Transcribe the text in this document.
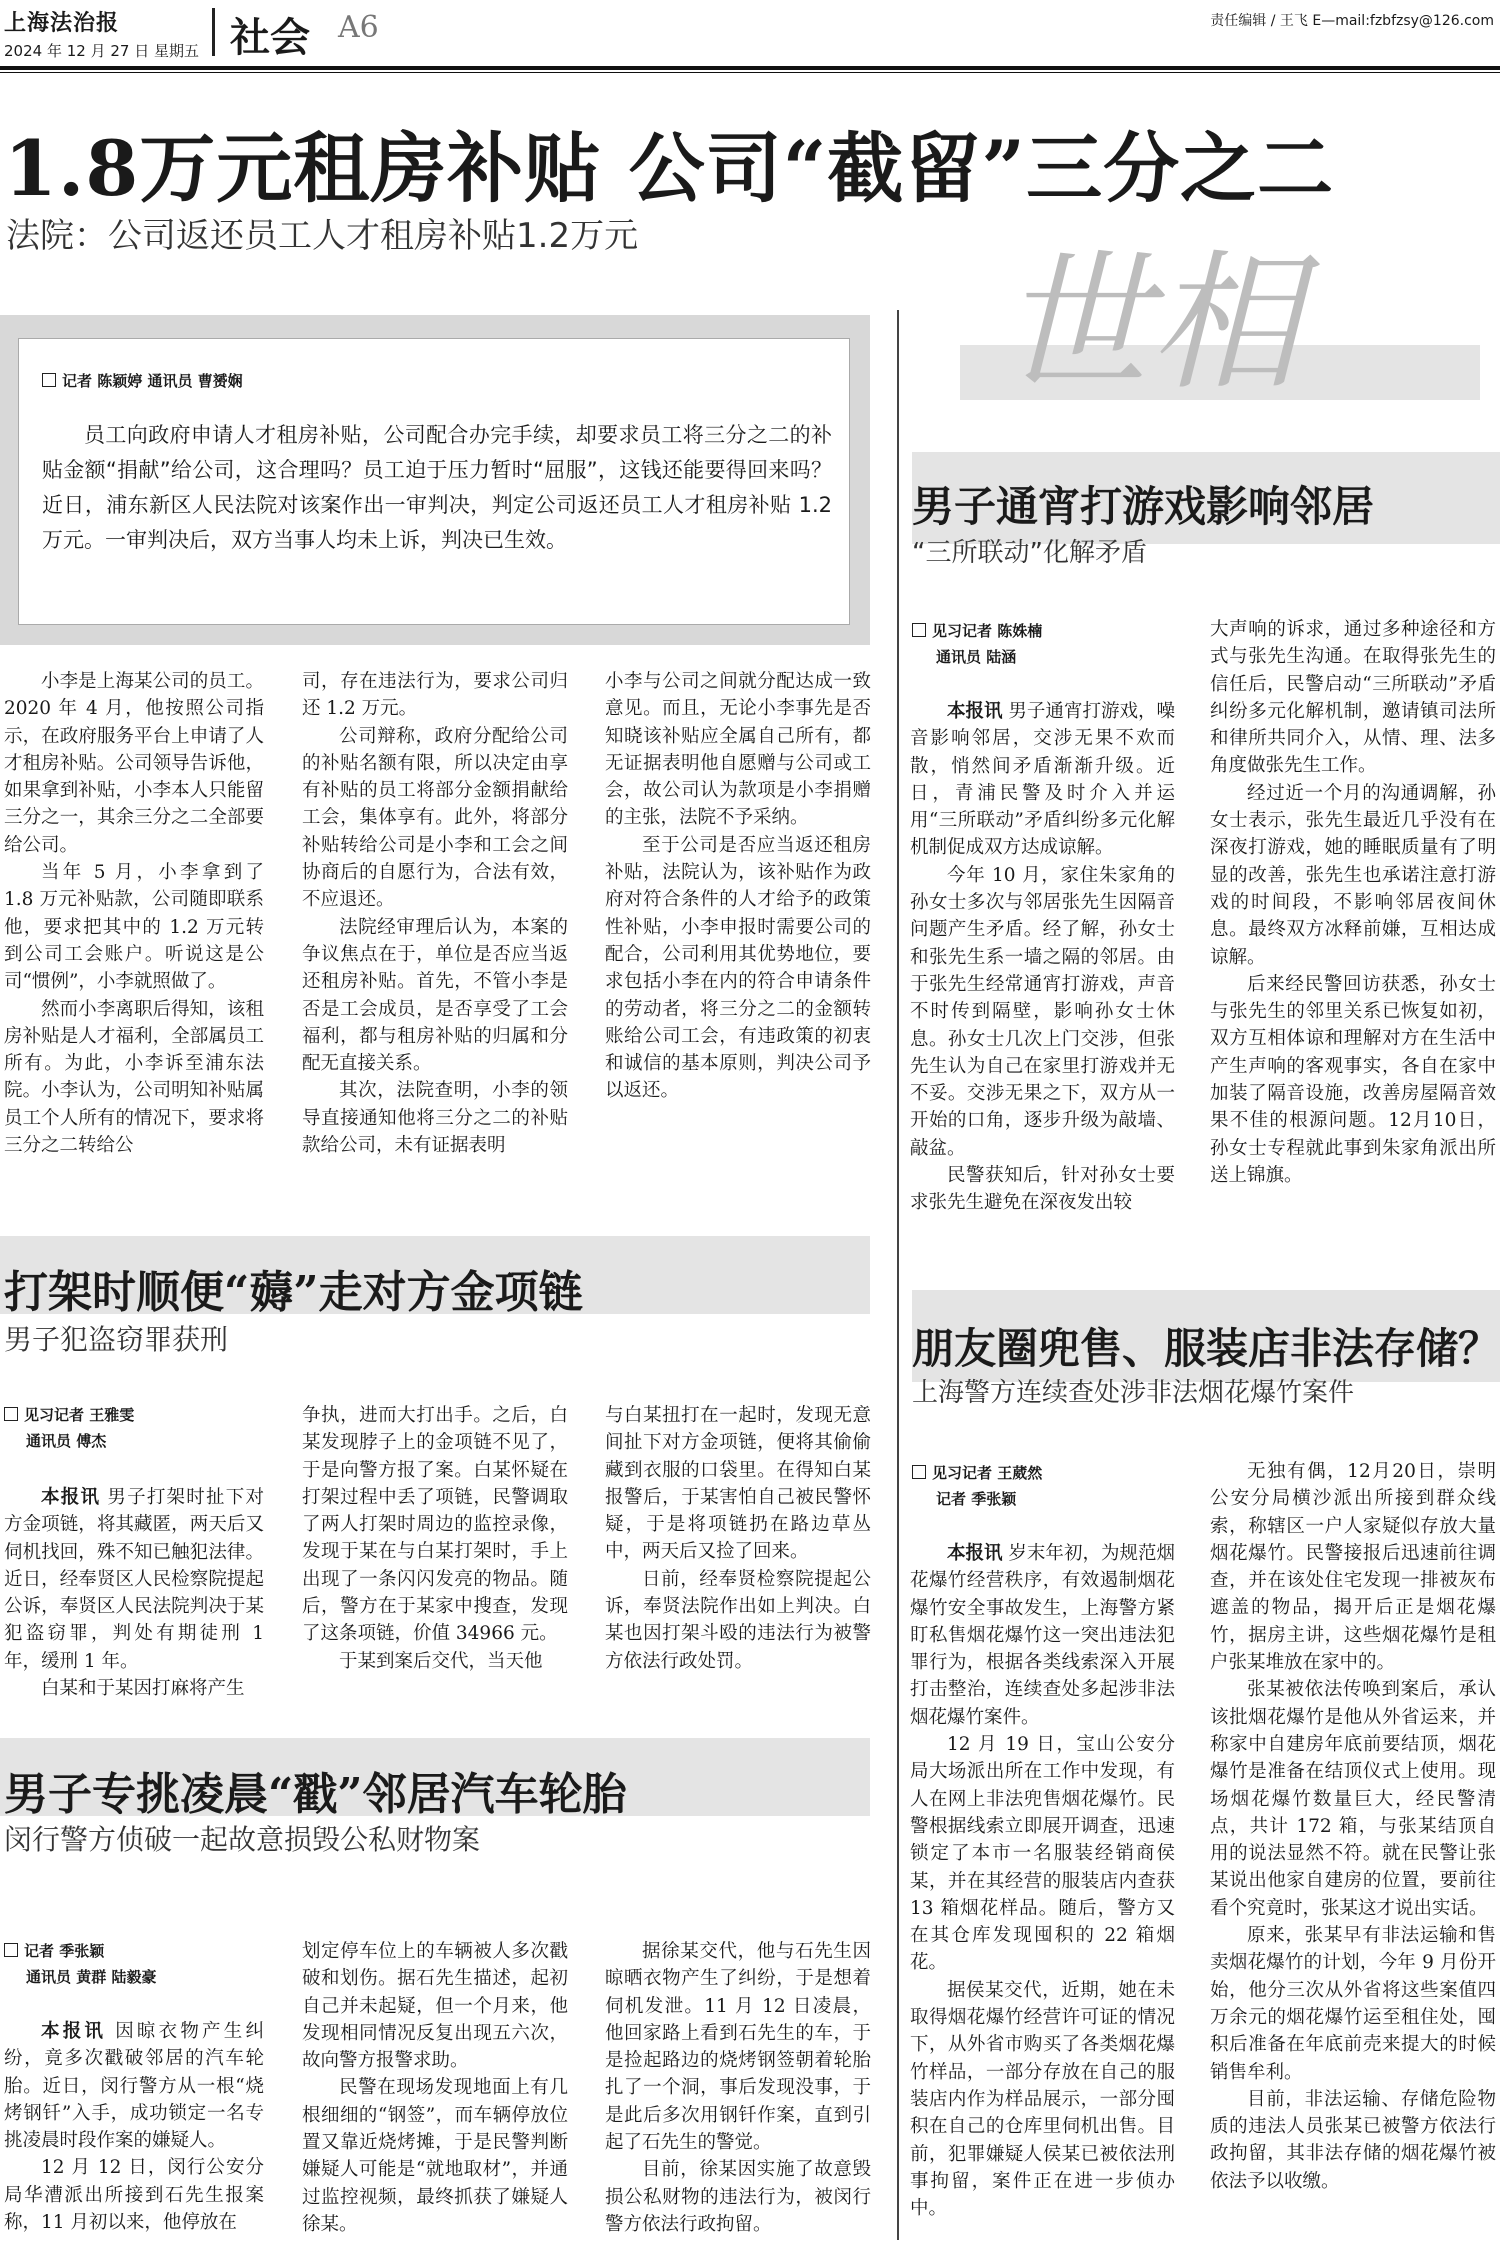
上海法治报
2024 年 12 月 27 日 星期五 社会 A6	责任编辑 / 王飞 E—mail:fzbfzsy@126.com
1.8万元租房补贴 公司“截留”三分之二
法院：公司返还员工人才租房补贴1.2万元
记者 陈颖婷 通讯员 曹赟娴
员工向政府申请人才租房补贴，公司配合办完手续，却要求员工将三分之二的补贴金额“捐献”给公司，这合理吗？员工迫于压力暂时“屈服”，这钱还能要得回来吗？近日，浦东新区人民法院对该案作出一审判决，判定公司返还员工人才租房补贴 1.2 万元。一审判决后，双方当事人均未上诉，判决已生效。

小李是上海某公司的员工。2020 年 4 月，他按照公司指示，在政府服务平台上申请了人才租房补贴。公司领导告诉他，如果拿到补贴，小李本人只能留三分之一，其余三分之二全部要给公司。

当年 5 月，小李拿到了 1.8 万元补贴款，公司随即联系他，要求把其中的 1.2 万元转到公司工会账户。听说这是公司“惯例”，小李就照做了。

然而小李离职后得知，该租房补贴是人才福利，全部属员工所有。为此，小李诉至浦东法院。小李认为，公司明知补贴属员工个人所有的情况下，要求将三分之二转给公

司，存在违法行为，要求公司归还 1.2 万元。

公司辩称，政府分配给公司的补贴名额有限，所以决定由享有补贴的员工将部分金额捐献给工会，集体享有。此外，将部分补贴转给公司是小李和工会之间协商后的自愿行为，合法有效，不应退还。

法院经审理后认为，本案的争议焦点在于，单位是否应当返还租房补贴。首先，不管小李是否是工会成员，是否享受了工会福利，都与租房补贴的归属和分配无直接关系。

其次，法院查明，小李的领导直接通知他将三分之二的补贴款给公司，未有证据表明

小李与公司之间就分配达成一致意见。而且，无论小李事先是否知晓该补贴应全属自己所有，都无证据表明他自愿赠与公司或工会，故公司认为款项是小李捐赠的主张，法院不予采纳。

至于公司是否应当返还租房补贴，法院认为，该补贴作为政府对符合条件的人才给予的政策性补贴，小李申报时需要公司的配合，公司利用其优势地位，要求包括小李在内的符合申请条件的劳动者，将三分之二的金额转账给公司工会，有违政策的初衷和诚信的基本原则，判决公司予以返还。

打架时顺便“薅”走对方金项链
男子犯盗窃罪获刑
见习记者 王雅雯
通讯员 傅杰

本报讯 男子打架时扯下对方金项链，将其藏匿，两天后又伺机找回，殊不知已触犯法律。近日，经奉贤区人民检察院提起公诉，奉贤区人民法院判决于某犯盗窃罪，判处有期徒刑 1 年，缓刑 1 年。

白某和于某因打麻将产生

争执，进而大打出手。之后，白某发现脖子上的金项链不见了，于是向警方报了案。白某怀疑在打架过程中丢了项链，民警调取了两人打架时周边的监控录像，发现于某在与白某打架时，手上出现了一条闪闪发亮的物品。随后，警方在于某家中搜查，发现了这条项链，价值 34966 元。

于某到案后交代，当天他

与白某扭打在一起时，发现无意间扯下对方金项链，便将其偷偷藏到衣服的口袋里。在得知白某报警后，于某害怕自己被民警怀疑，于是将项链扔在路边草丛中，两天后又捡了回来。

日前，经奉贤检察院提起公诉，奉贤法院作出如上判决。白某也因打架斗殴的违法行为被警方依法行政处罚。

男子专挑凌晨“戳”邻居汽车轮胎
闵行警方侦破一起故意损毁公私财物案
记者 季张颖
通讯员 黄群 陆毅豪

本报讯 因晾衣物产生纠纷，竟多次戳破邻居的汽车轮胎。近日，闵行警方从一根“烧烤钢钎”入手，成功锁定一名专挑凌晨时段作案的嫌疑人。

12 月 12 日，闵行公安分局华漕派出所接到石先生报案称，11 月初以来，他停放在

划定停车位上的车辆被人多次戳破和划伤。据石先生描述，起初自己并未起疑，但一个月来，他发现相同情况反复出现五六次，故向警方报警求助。

民警在现场发现地面上有几根细细的“钢签”，而车辆停放位置又靠近烧烤摊，于是民警判断嫌疑人可能是“就地取材”，并通过监控视频，最终抓获了嫌疑人徐某。

据徐某交代，他与石先生因晾晒衣物产生了纠纷，于是想着伺机发泄。11 月 12 日凌晨，他回家路上看到石先生的车，于是捡起路边的烧烤钢签朝着轮胎扎了一个洞，事后发现没事，于是此后多次用钢钎作案，直到引起了石先生的警觉。

目前，徐某因实施了故意毁损公私财物的违法行为，被闵行警方依法行政拘留。

世相
男子通宵打游戏影响邻居
“三所联动”化解矛盾
见习记者 陈姝楠
通讯员 陆涵

本报讯 男子通宵打游戏，噪音影响邻居，交涉无果不欢而散，悄然间矛盾渐渐升级。近日，青浦民警及时介入并运用“三所联动”矛盾纠纷多元化解机制促成双方达成谅解。

今年 10 月，家住朱家角的孙女士多次与邻居张先生因隔音问题产生矛盾。经了解，孙女士和张先生系一墙之隔的邻居。由于张先生经常通宵打游戏，声音不时传到隔壁，影响孙女士休息。孙女士几次上门交涉，但张先生认为自己在家里打游戏并无不妥。交涉无果之下，双方从一开始的口角，逐步升级为敲墙、敲盆。

民警获知后，针对孙女士要求张先生避免在深夜发出较

大声响的诉求，通过多种途径和方式与张先生沟通。在取得张先生的信任后，民警启动“三所联动”矛盾纠纷多元化解机制，邀请镇司法所和律所共同介入，从情、理、法多角度做张先生工作。

经过近一个月的沟通调解，孙女士表示，张先生最近几乎没有在深夜打游戏，她的睡眠质量有了明显的改善，张先生也承诺注意打游戏的时间段，不影响邻居夜间休息。最终双方冰释前嫌，互相达成谅解。

后来经民警回访获悉，孙女士与张先生的邻里关系已恢复如初，双方互相体谅和理解对方在生活中产生声响的客观事实，各自在家中加装了隔音设施，改善房屋隔音效果不佳的根源问题。12月10日，孙女士专程就此事到朱家角派出所送上锦旗。

朋友圈兜售、服装店非法存储？
上海警方连续查处涉非法烟花爆竹案件
见习记者 王葳然
记者 季张颖

本报讯 岁末年初，为规范烟花爆竹经营秩序，有效遏制烟花爆竹安全事故发生，上海警方紧盯私售烟花爆竹这一突出违法犯罪行为，根据各类线索深入开展打击整治，连续查处多起涉非法烟花爆竹案件。

12 月 19 日，宝山公安分局大场派出所在工作中发现，有人在网上非法兜售烟花爆竹。民警根据线索立即展开调查，迅速锁定了本市一名服装经销商侯某，并在其经营的服装店内查获 13 箱烟花样品。随后，警方又在其仓库发现囤积的 22 箱烟花。

据侯某交代，近期，她在未取得烟花爆竹经营许可证的情况下，从外省市购买了各类烟花爆竹样品，一部分存放在自己的服装店内作为样品展示，一部分囤积在自己的仓库里伺机出售。目前，犯罪嫌疑人侯某已被依法刑事拘留，案件正在进一步侦办中。

无独有偶，12月20日，崇明公安分局横沙派出所接到群众线索，称辖区一户人家疑似存放大量烟花爆竹。民警接报后迅速前往调查，并在该处住宅发现一排被灰布遮盖的物品，揭开后正是烟花爆竹，据房主讲，这些烟花爆竹是租户张某堆放在家中的。

张某被依法传唤到案后，承认该批烟花爆竹是他从外省运来，并称家中自建房年底前要结顶，烟花爆竹是准备在结顶仪式上使用。现场烟花爆竹数量巨大，经民警清点，共计 172 箱，与张某结顶自用的说法显然不符。就在民警让张某说出他家自建房的位置，要前往看个究竟时，张某这才说出实话。

原来，张某早有非法运输和售卖烟花爆竹的计划，今年 9 月份开始，他分三次从外省将这些案值四万余元的烟花爆竹运至租住处，囤积后准备在年底前売来提大的时候销售牟利。

目前，非法运输、存储危险物质的违法人员张某已被警方依法行政拘留，其非法存储的烟花爆竹被依法予以收缴。
